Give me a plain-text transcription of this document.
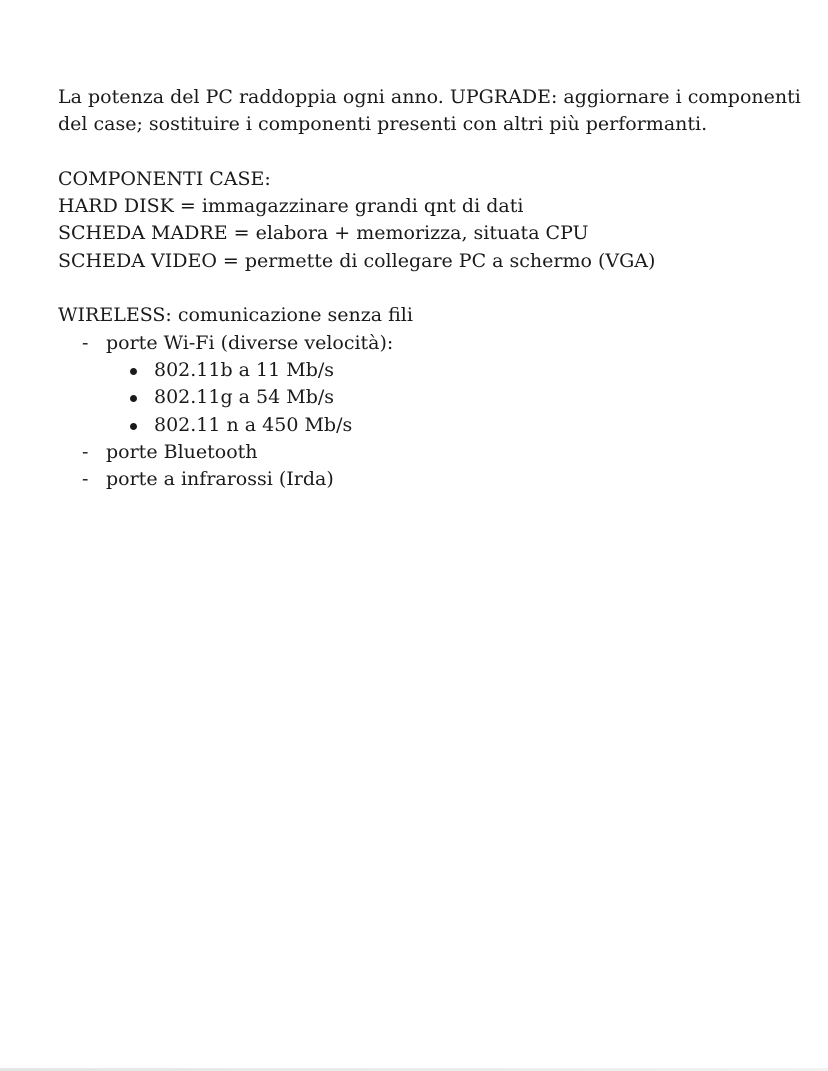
La potenza del PC raddoppia ogni anno. UPGRADE: aggiornare i componenti
del case; sostituire i componenti presenti con altri più performanti.

COMPONENTI CASE:
HARD DISK = immagazzinare grandi qnt di dati
SCHEDA MADRE = elabora + memorizza, situata CPU
SCHEDA VIDEO = permette di collegare PC a schermo (VGA)
WIRELESS: comunicazione senza fili
- porte Wi-Fi (diverse velocità):
802.11b a 11 Mb/s
802.11g a 54 Mb/s
802.11 n a 450 Mb/s
- porte Bluetooth
- porte a infrarossi (Irda)
